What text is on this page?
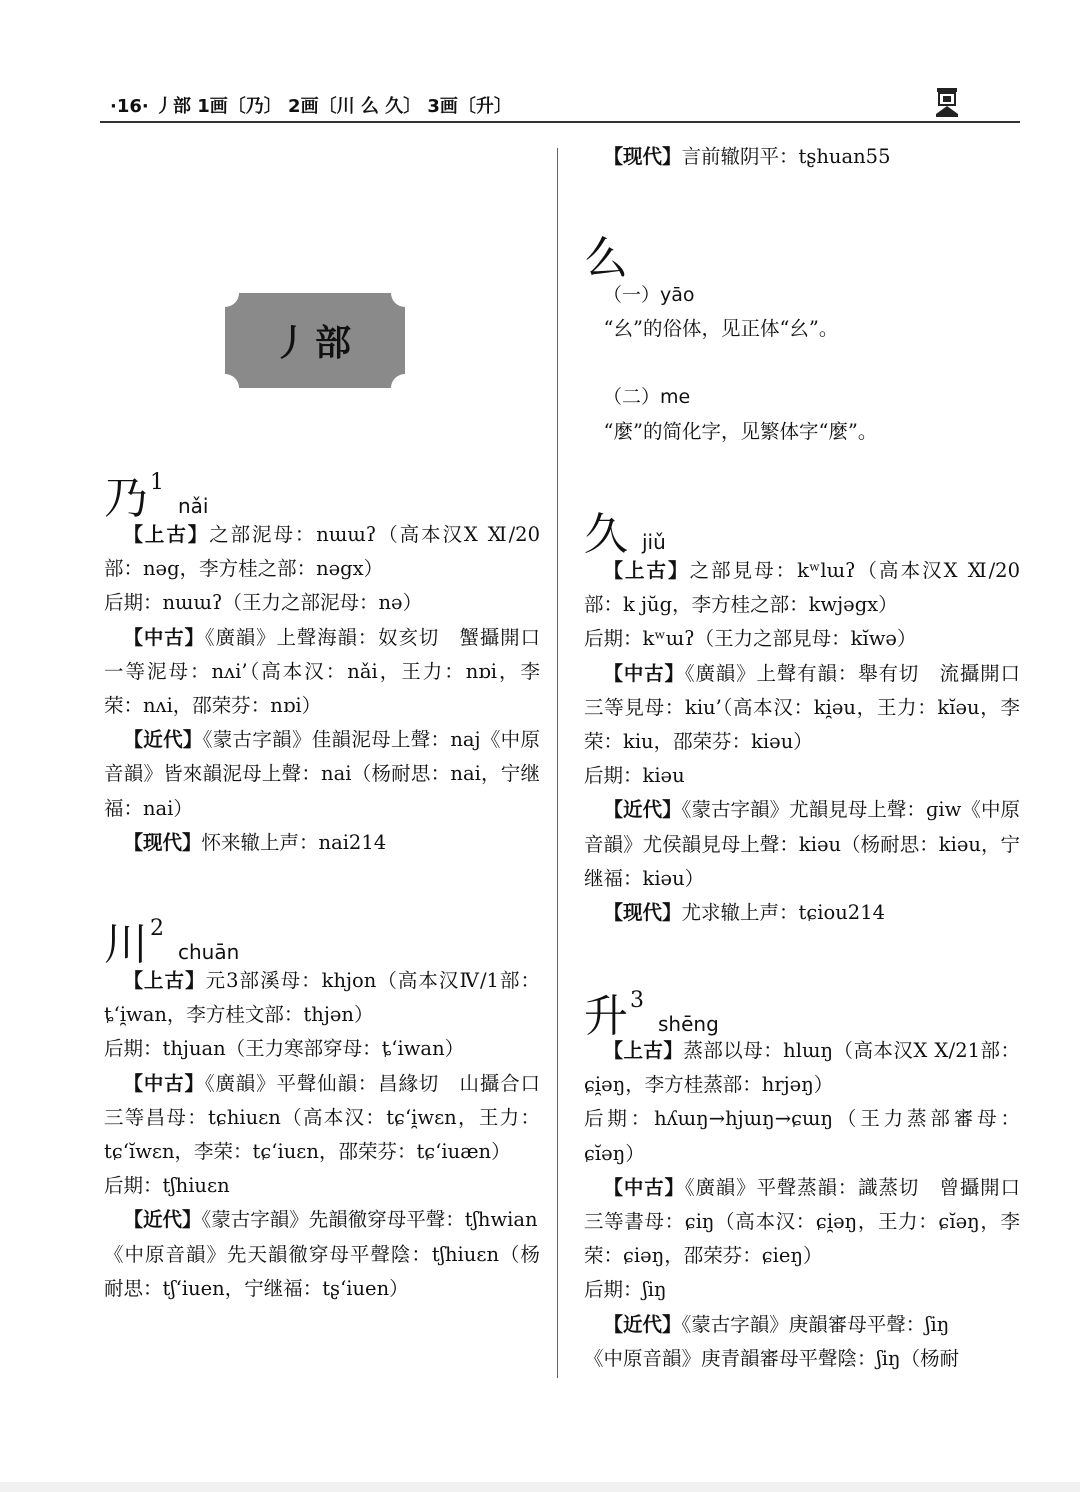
·16· 丿部 1画〔乃〕 2画〔川 么 久〕 3画〔升〕
丿部
乃$^1$nǎi

【上古】之部泥母：nɯɯʔ（高本汉Ⅹ Ⅺ/20部：nəg，李方桂之部：nəgx）

后期：nɯɯʔ（王力之部泥母：nə）

【中古】《廣韻》上聲海韻：奴亥切　蟹攝開口一等泥母：nʌi’（高本汉：nǎi，王力：nɒi，李荣：nʌi，邵荣芬：nɒi）

【近代】《蒙古字韻》佳韻泥母上聲：naj《中原音韻》皆來韻泥母上聲：nai（杨耐思：nai，宁继福：nai）

【现代】怀来辙上声：nai214

川$^2$chuān

【上古】元3部溪母：khjon（高本汉Ⅳ/1部：ȶ‘i̯wan，李方桂文部：thjən）

后期：thjuan（王力寒部穿母：ȶ‘iwan）

【中古】《廣韻》平聲仙韻：昌緣切　山攝合口三等昌母：tɕhiuɛn（高本汉：tɕ‘i̯wɛn，王力：tɕ‘ĭwɛn，李荣：tɕ‘iuɛn，邵荣芬：tɕ‘iuæn）

后期：tʃhiuɛn

【近代】《蒙古字韻》先韻徹穿母平聲：tʃhwian

《中原音韻》先天韻徹穿母平聲陰：tʃhiuɛn（杨耐思：tʃ‘iuen，宁继福：tʂ‘iuen）

【现代】言前辙阴平：tʂhuan55

么

（一）yāo

“幺”的俗体，见正体“幺”。

（二）me

“麼”的简化字，见繁体字“麼”。

久jiǔ

【上古】之部見母：kʷlɯʔ（高本汉Ⅹ Ⅺ/20部：k jŭg，李方桂之部：kwjəgx）

后期：kʷɯʔ（王力之部見母：kĭwə）

【中古】《廣韻》上聲有韻：舉有切　流攝開口三等見母：kiu’（高本汉：ki̯əu，王力：kĭəu，李荣：kiu，邵荣芬：kiəu）

后期：kiəu

【近代】《蒙古字韻》尤韻見母上聲：ɡiw《中原音韻》尤侯韻見母上聲：kiəu（杨耐思：kiəu，宁继福：kiəu）

【现代】尤求辙上声：tɕiou214

升$^3$shēng

【上古】蒸部以母：hlɯŋ（高本汉Ⅹ Ⅹ/21部：ɕi̯əŋ，李方桂蒸部：hrjəŋ）

后期：hʎɯŋ→hjɯŋ→ɕɯŋ（王力蒸部審母：ɕĭəŋ）

【中古】《廣韻》平聲蒸韻：識蒸切　曾攝開口三等書母：ɕiŋ（高本汉：ɕi̯əŋ，王力：ɕĭəŋ，李荣：ɕiəŋ，邵荣芬：ɕieŋ）

后期：ʃiŋ

【近代】《蒙古字韻》庚韻審母平聲：ʃiŋ

《中原音韻》庚青韻審母平聲陰：ʃiŋ（杨耐
